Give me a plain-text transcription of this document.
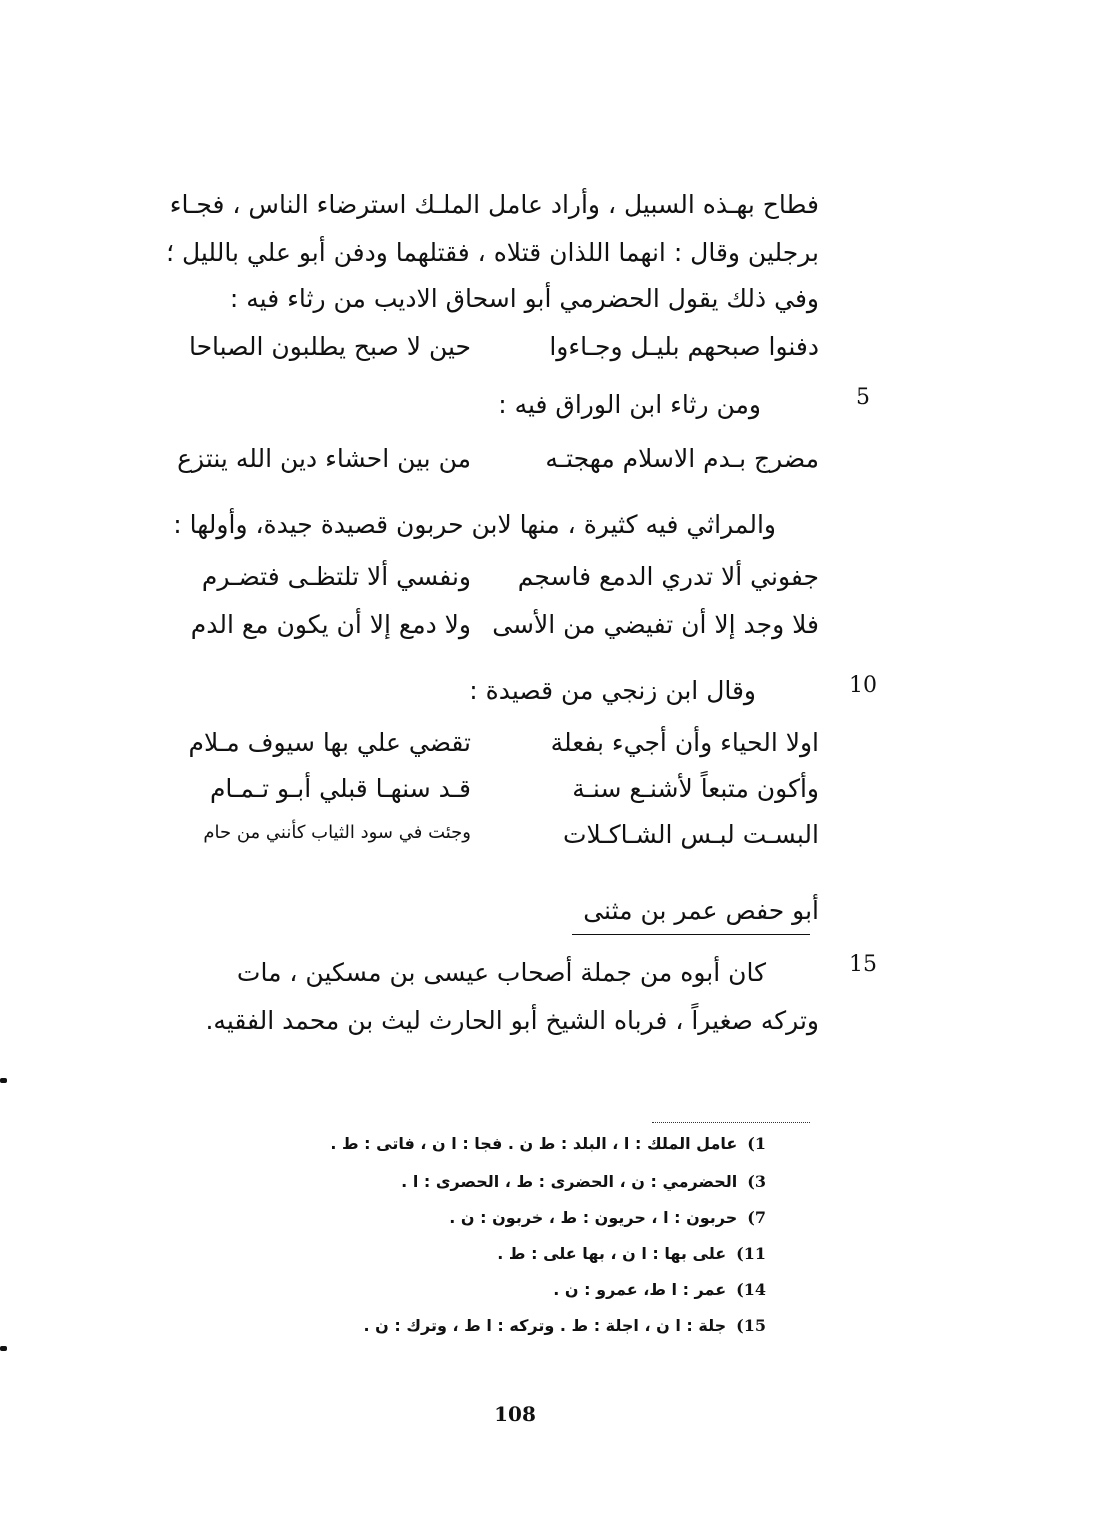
فطاح بهـذه السبيل ، وأراد عامل الملـك استرضاء الناس ، فجـاء
برجلين وقال : انهما اللذان قتلاه ، فقتلهما ودفن أبو علي بالليل ؛
وفي ذلك يقول الحضرمي أبو اسحاق الاديب من رثاء فيه :
دفنوا صبحهم بليـل وجـاءوا
حين لا صبح يطلبون الصباحا
5
ومن رثاء ابن الوراق فيه :
مضرج بـدم الاسلام مهجتـه
من بين احشاء دين الله ينتزع
والمراثي فيه كثيرة ، منها لابن حربون قصيدة جيدة، وأولها :
جفوني ألا تدري الدمع فاسجم
ونفسي ألا تلتظـى فتضـرم
فلا وجد إلا أن تفيضي من الأسى
ولا دمع إلا أن يكون مع الدم
10
وقال ابن زنجي من قصيدة :
اولا الحياء وأن أجيء بفعلة
تقضي علي بها سيوف مـلام
وأكون متبعاً لأشنـع سنـة
قـد سنهـا قبلي أبـو تـمـام
البسـت لبـس الشـاكـلات
وجئت في سود الثياب كأنني من حام
أبو حفص عمر بن مثنى
15
كان أبوه من جملة أصحاب عيسى بن مسكين ، مات
وتركه صغيراً ، فرباه الشيخ أبو الحارث ليث بن محمد الفقيه.
1)عامل الملك : ا ، البلد : ط ن . فجا : ا ن ، فاتى : ط .
3)الحضرمي : ن ، الحضرى : ط ، الحصرى : ا .
7)حربون : ا ، حريون : ط ، خربون : ن .
11)على بها : ا ن ، بها على : ط .
14)عمر : ا ط، عمرو : ن .
15)جلة : ا ن ، اجلة : ط . وتركه : ا ط ، وترك : ن .
108
